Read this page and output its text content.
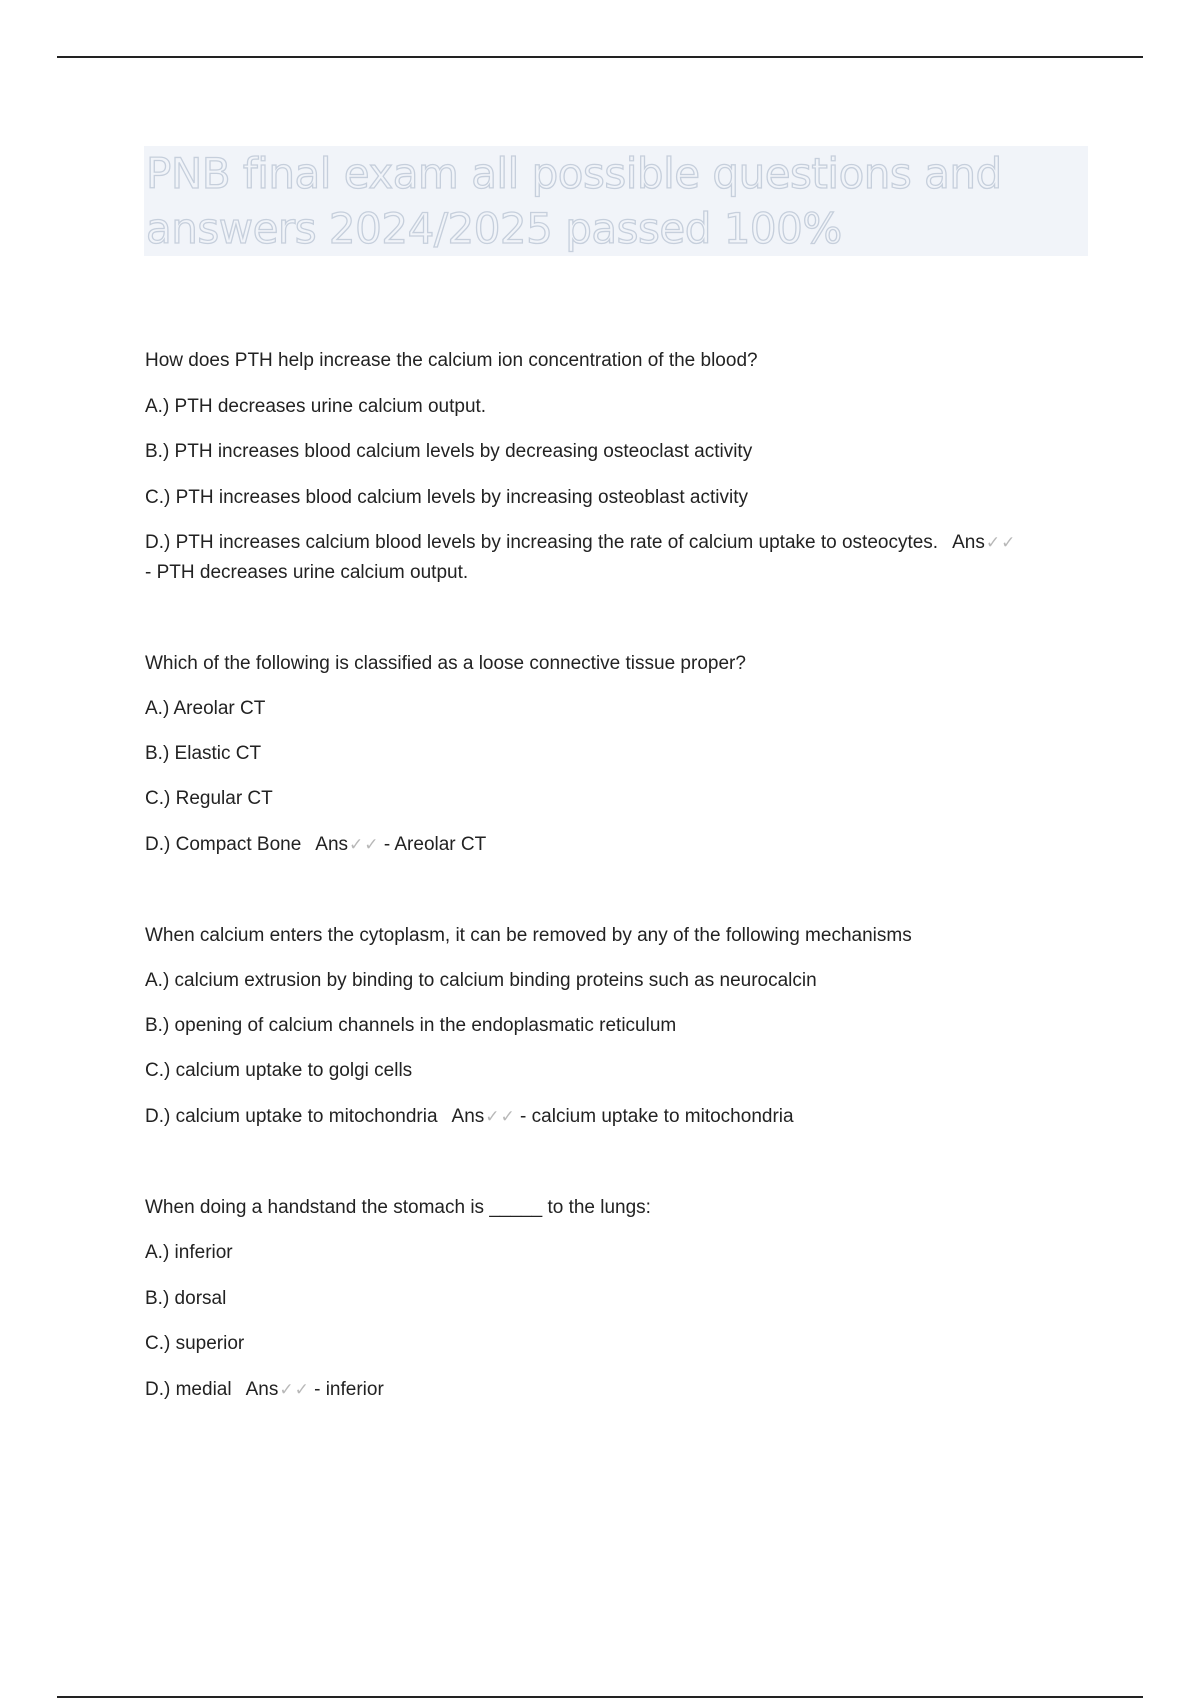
PNB final exam all possible questions and answers 2024/2025 passed 100%
How does PTH help increase the calcium ion concentration of the blood?
A.) PTH decreases urine calcium output.
B.) PTH increases blood calcium levels by decreasing osteoclast activity
C.) PTH increases blood calcium levels by increasing osteoblast activity
D.) PTH increases calcium blood levels by increasing the rate of calcium uptake to osteocytes. Ans✓✓
- PTH decreases urine calcium output.
Which of the following is classified as a loose connective tissue proper?
A.) Areolar CT
B.) Elastic CT
C.) Regular CT
D.) Compact Bone Ans✓✓ - Areolar CT
When calcium enters the cytoplasm, it can be removed by any of the following mechanisms
A.) calcium extrusion by binding to calcium binding proteins such as neurocalcin
B.) opening of calcium channels in the endoplasmatic reticulum
C.) calcium uptake to golgi cells
D.) calcium uptake to mitochondria Ans✓✓ - calcium uptake to mitochondria
When doing a handstand the stomach is _____ to the lungs:
A.) inferior
B.) dorsal
C.) superior
D.) medial Ans✓✓ - inferior
